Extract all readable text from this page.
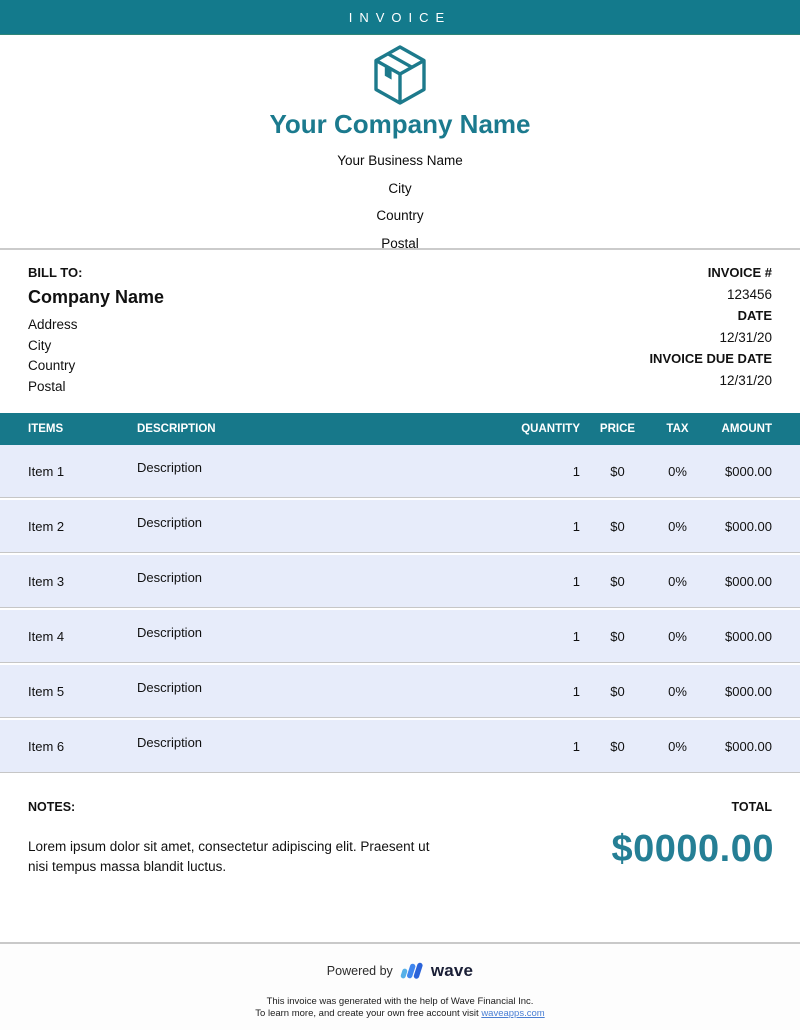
INVOICE
Your Company Name
Your Business Name
City
Country
Postal
BILL TO:
Company Name
Address
City
Country
Postal
INVOICE #
123456
DATE
12/31/20
INVOICE DUE DATE
12/31/20
ITEMS	DESCRIPTION	QUANTITY	PRICE	TAX	AMOUNT
Item 1	Description	1	$0	0%	$000.00
Item 2	Description	1	$0	0%	$000.00
Item 3	Description	1	$0	0%	$000.00
Item 4	Description	1	$0	0%	$000.00
Item 5	Description	1	$0	0%	$000.00
Item 6	Description	1	$0	0%	$000.00
NOTES:
Lorem ipsum dolor sit amet, consectetur adipiscing elit. Praesent ut nisi tempus massa blandit luctus.
TOTAL
$0000.00
Powered by wave
This invoice was generated with the help of Wave Financial Inc.
To learn more, and create your own free account visit waveapps.com
